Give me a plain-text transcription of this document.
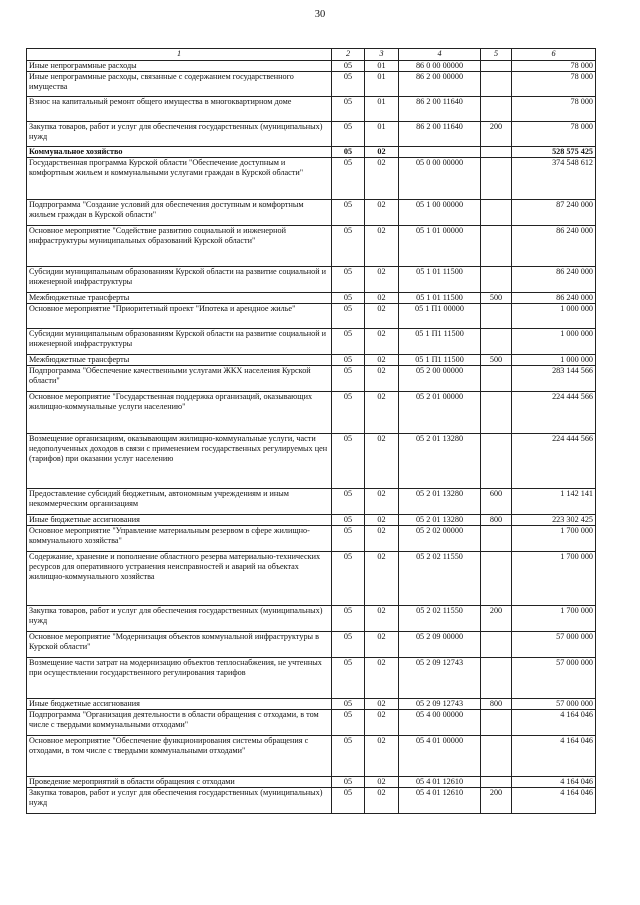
30
1	2	3	4	5	6
Иные непрограммные расходы	05	01	86 0 00 00000		78 000
Иные непрограммные расходы, связанные с содержанием государственного имущества	05	01	86 2 00 00000		78 000
Взнос на капитальный ремонт общего имущества в многоквартирном доме	05	01	86 2 00 11640		78 000
Закупка товаров, работ и услуг для обеспечения государственных (муниципальных) нужд	05	01	86 2 00 11640	200	78 000
Коммунальное хозяйство	05	02			528 575 425
Государственная программа Курской области "Обеспечение доступным и комфортным жильем и коммунальными услугами граждан в Курской области"	05	02	05 0 00 00000		374 548 612
Подпрограмма "Создание условий для обеспечения доступным и комфортным жильем граждан в Курской области"	05	02	05 1 00 00000		87 240 000
Основное мероприятие "Содействие развитию социальной и инженерной инфраструктуры муниципальных образований Курской области"	05	02	05 1 01 00000		86 240 000
Субсидии муниципальным образованиям Курской области на развитие социальной и инженерной инфраструктуры	05	02	05 1 01 11500		86 240 000
Межбюджетные трансферты	05	02	05 1 01 11500	500	86 240 000
Основное мероприятие "Приоритетный проект "Ипотека и арендное жилье"	05	02	05 1 П1 00000		1 000 000
Субсидии муниципальным образованиям Курской области на развитие социальной и инженерной инфраструктуры	05	02	05 1 П1 11500		1 000 000
Межбюджетные трансферты	05	02	05 1 П1 11500	500	1 000 000
Подпрограмма "Обеспечение качественными услугами ЖКХ населения Курской области"	05	02	05 2 00 00000		283 144 566
Основное мероприятие "Государственная поддержка организаций, оказывающих жилищно-коммунальные услуги населению"	05	02	05 2 01 00000		224 444 566
Возмещение организациям, оказывающим жилищно-коммунальные услуги, части недополученных доходов в связи с применением государственных регулируемых цен (тарифов) при оказании услуг населению	05	02	05 2 01 13280		224 444 566
Предоставление субсидий бюджетным, автономным учреждениям и иным некоммерческим организациям	05	02	05 2 01 13280	600	1 142 141
Иные бюджетные ассигнования	05	02	05 2 01 13280	800	223 302 425
Основное мероприятие "Управление материальным резервом в сфере жилищно-коммунального хозяйства"	05	02	05 2 02 00000		1 700 000
Содержание, хранение и пополнение областного резерва материально-технических ресурсов для оперативного устранения неисправностей и аварий на объектах жилищно-коммунального хозяйства	05	02	05 2 02 11550		1 700 000
Закупка товаров, работ и услуг для обеспечения государственных (муниципальных) нужд	05	02	05 2 02 11550	200	1 700 000
Основное мероприятие "Модернизация объектов коммунальной инфраструктуры в Курской области"	05	02	05 2 09 00000		57 000 000
Возмещение части затрат на модернизацию объектов теплоснабжения, не учтенных при осуществлении государственного регулирования тарифов	05	02	05 2 09 12743		57 000 000
Иные бюджетные ассигнования	05	02	05 2 09 12743	800	57 000 000
Подпрограмма "Организация деятельности в области обращения с отходами, в том числе с твердыми коммунальными отходами"	05	02	05 4 00 00000		4 164 046
Основное мероприятие "Обеспечение функционирования системы обращения с отходами, в том числе с твердыми коммунальными отходами"	05	02	05 4 01 00000		4 164 046
Проведение мероприятий в области обращения с отходами	05	02	05 4 01 12610		4 164 046
Закупка товаров, работ и услуг для обеспечения государственных (муниципальных) нужд	05	02	05 4 01 12610	200	4 164 046
